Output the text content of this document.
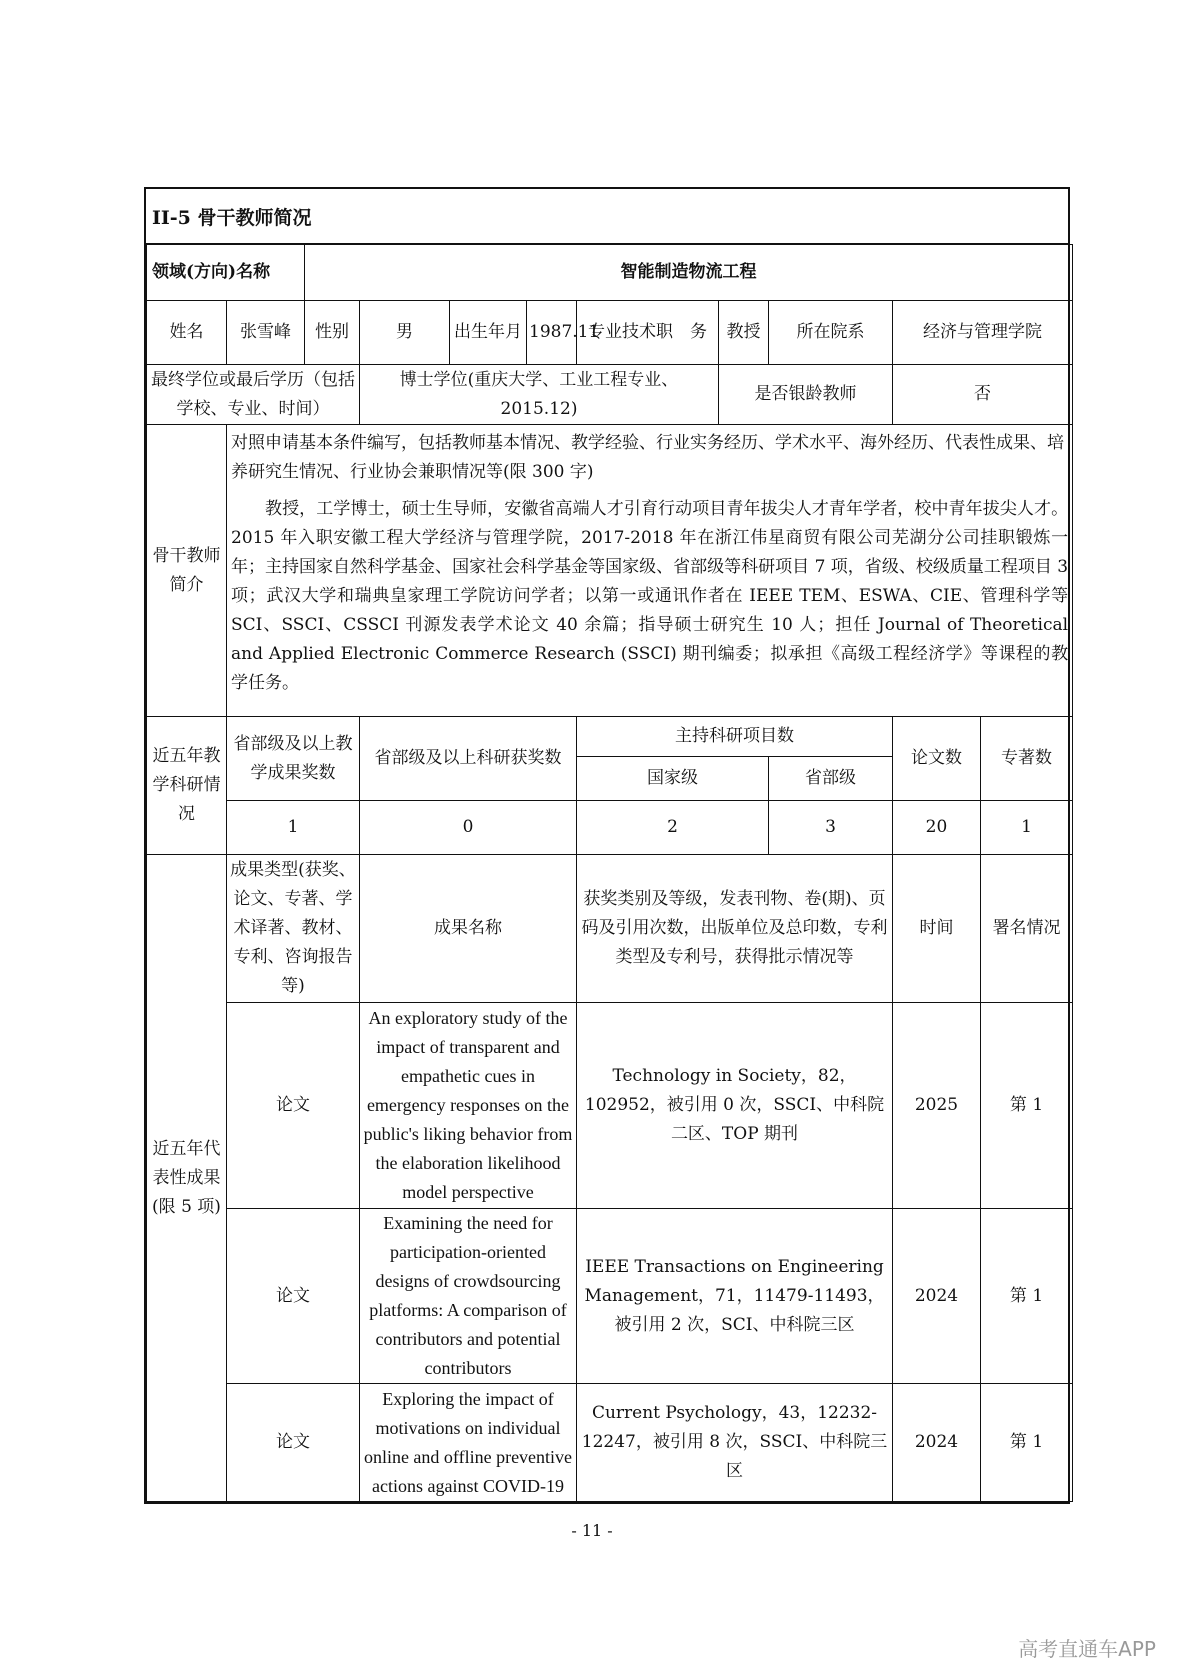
II-5 骨干教师简况
领域(方向)名称		智能制造物流工程								
姓名	张雪峰	性别	男	出生年月	1987.11	专业技术职　务	教授	所在院系	经济与管理学院	
最终学位或最后学历（包括学校、专业、时间）			博士学位(重庆大学、工业工程专业、2015.12)				是否银龄教师		否	
骨干教师简介	对照申请基本条件编写，包括教师基本情况、教学经验、行业实务经历、学术水平、海外经历、代表性成果、培养研究生情况、行业协会兼职情况等(限 300 字)
教授，工学博士，硕士生导师，安徽省高端人才引育行动项目青年拔尖人才青年学者，校中青年拔尖人才。2015 年入职安徽工程大学经济与管理学院，2017-2018 年在浙江伟星商贸有限公司芜湖分公司挂职锻炼一年；主持国家自然科学基金、国家社会科学基金等国家级、省部级等科研项目 7 项，省级、校级质量工程项目 3 项；武汉大学和瑞典皇家理工学院访问学者；以第一或通讯作者在 IEEE TEM、ESWA、CIE、管理科学等 SCI、SSCI、CSSCI 刊源发表学术论文 40 余篇；指导硕士研究生 10 人；担任 Journal of Theoretical and Applied Electronic Commerce Research (SSCI) 期刊编委；拟承担《高级工程经济学》等课程的教学任务。									

近五年教学科研情况	省部级及以上教学成果奖数		省部级及以上科研获奖数			主持科研项目数			论文数	专著数
						国家级		省部级		
	1		0			2		3	20	1
近五年代表性成果(限 5 项)	成果类型(获奖、论文、专著、学术译著、教材、专利、咨询报告等)		成果名称			获奖类别及等级，发表刊物、卷(期)、页码及引用次数，出版单位及总印数，专利类型及专利号，获得批示情况等			时间	署名情况
	论文		An exploratory study of the impact of transparent and empathetic cues in emergency responses on the public's liking behavior from the elaboration likelihood model perspective			Technology in Society，82，102952，被引用 0 次，SSCI、中科院二区、TOP 期刊			2025	第 1
	论文		Examining the need for participation-oriented designs of crowdsourcing platforms: A comparison of contributors and potential contributors			IEEE Transactions on Engineering Management，71，11479-11493，被引用 2 次，SCI、中科院三区			2024	第 1
	论文		Exploring the impact of motivations on individual online and offline preventive actions against COVID-19			Current Psychology，43，12232-12247，被引用 8 次，SSCI、中科院三区			2024	第 1
- 11 -
高考直通车APP
